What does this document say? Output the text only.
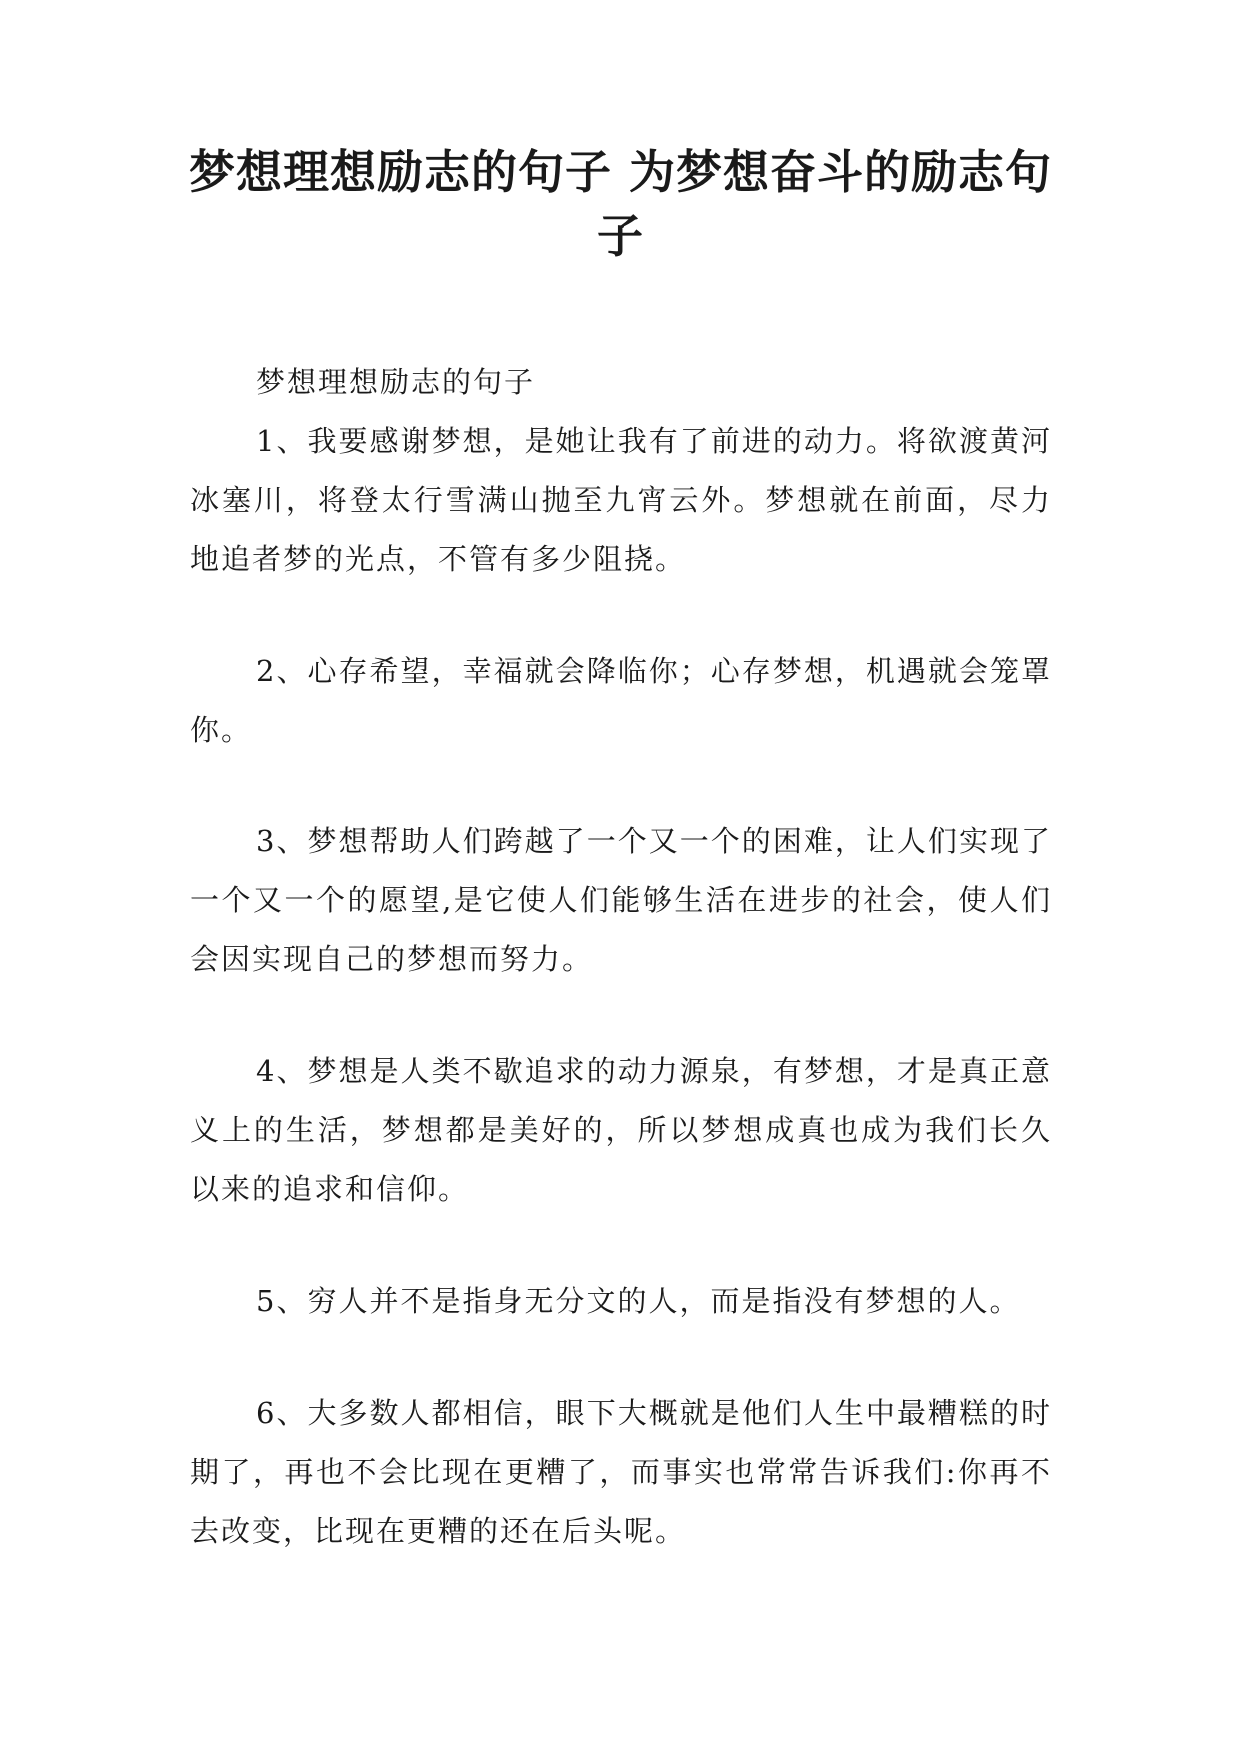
梦想理想励志的句子 为梦想奋斗的励志句子

梦想理想励志的句子

1、我要感谢梦想，是她让我有了前进的动力。将欲渡黄河冰塞川，将登太行雪满山抛至九宵云外。梦想就在前面，尽力地追者梦的光点，不管有多少阻挠。

2、心存希望，幸福就会降临你；心存梦想，机遇就会笼罩你。

3、梦想帮助人们跨越了一个又一个的困难，让人们实现了一个又一个的愿望,是它使人们能够生活在进步的社会，使人们会因实现自己的梦想而努力。

4、梦想是人类不歇追求的动力源泉，有梦想，才是真正意义上的生活，梦想都是美好的，所以梦想成真也成为我们长久以来的追求和信仰。

5、穷人并不是指身无分文的人，而是指没有梦想的人。

6、大多数人都相信，眼下大概就是他们人生中最糟糕的时期了，再也不会比现在更糟了，而事实也常常告诉我们:你再不去改变，比现在更糟的还在后头呢。
